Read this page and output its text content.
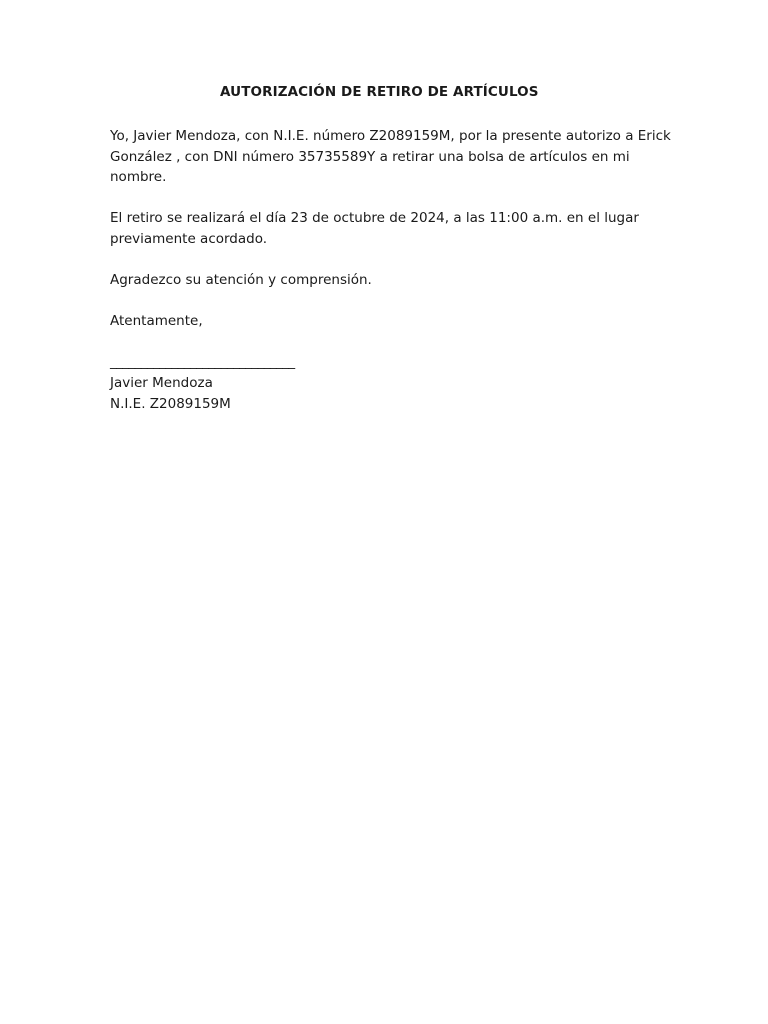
AUTORIZACIÓN DE RETIRO DE ARTÍCULOS
Yo, Javier Mendoza, con N.I.E. número Z2089159M, por la presente autorizo a Erick
González , con DNI número 35735589Y a retirar una bolsa de artículos en mi
nombre.
El retiro se realizará el día 23 de octubre de 2024, a las 11:00 a.m. en el lugar
previamente acordado.
Agradezco su atención y comprensión.
Atentamente,
______________________________
Javier Mendoza
N.I.E. Z2089159M
